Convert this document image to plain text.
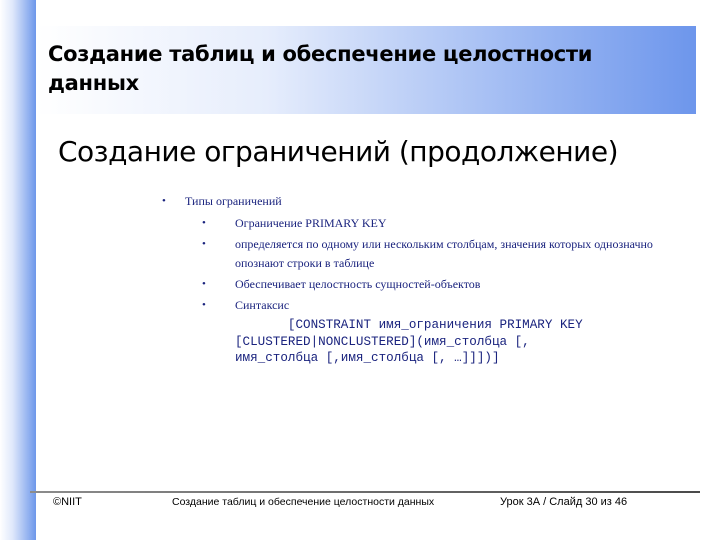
Создание таблиц и обеспечение целостности данных
Создание ограничений (продолжение)
• Типы ограничений
• Ограничение PRIMARY KEY
• определяется по одному или нескольким столбцам, значения которых однозначно опознают строки в таблице
• Обеспечивает целостность сущностей-объектов
• Синтаксис
[CONSTRAINT имя_ограничения PRIMARY KEY
[CLUSTERED|NONCLUSTERED](имя_столбца [,
имя_столбца [,имя_столбца [, …]]])]
©NIIT	Создание таблиц и обеспечение целостности данных	Урок 3А / Слайд 30 из 46
